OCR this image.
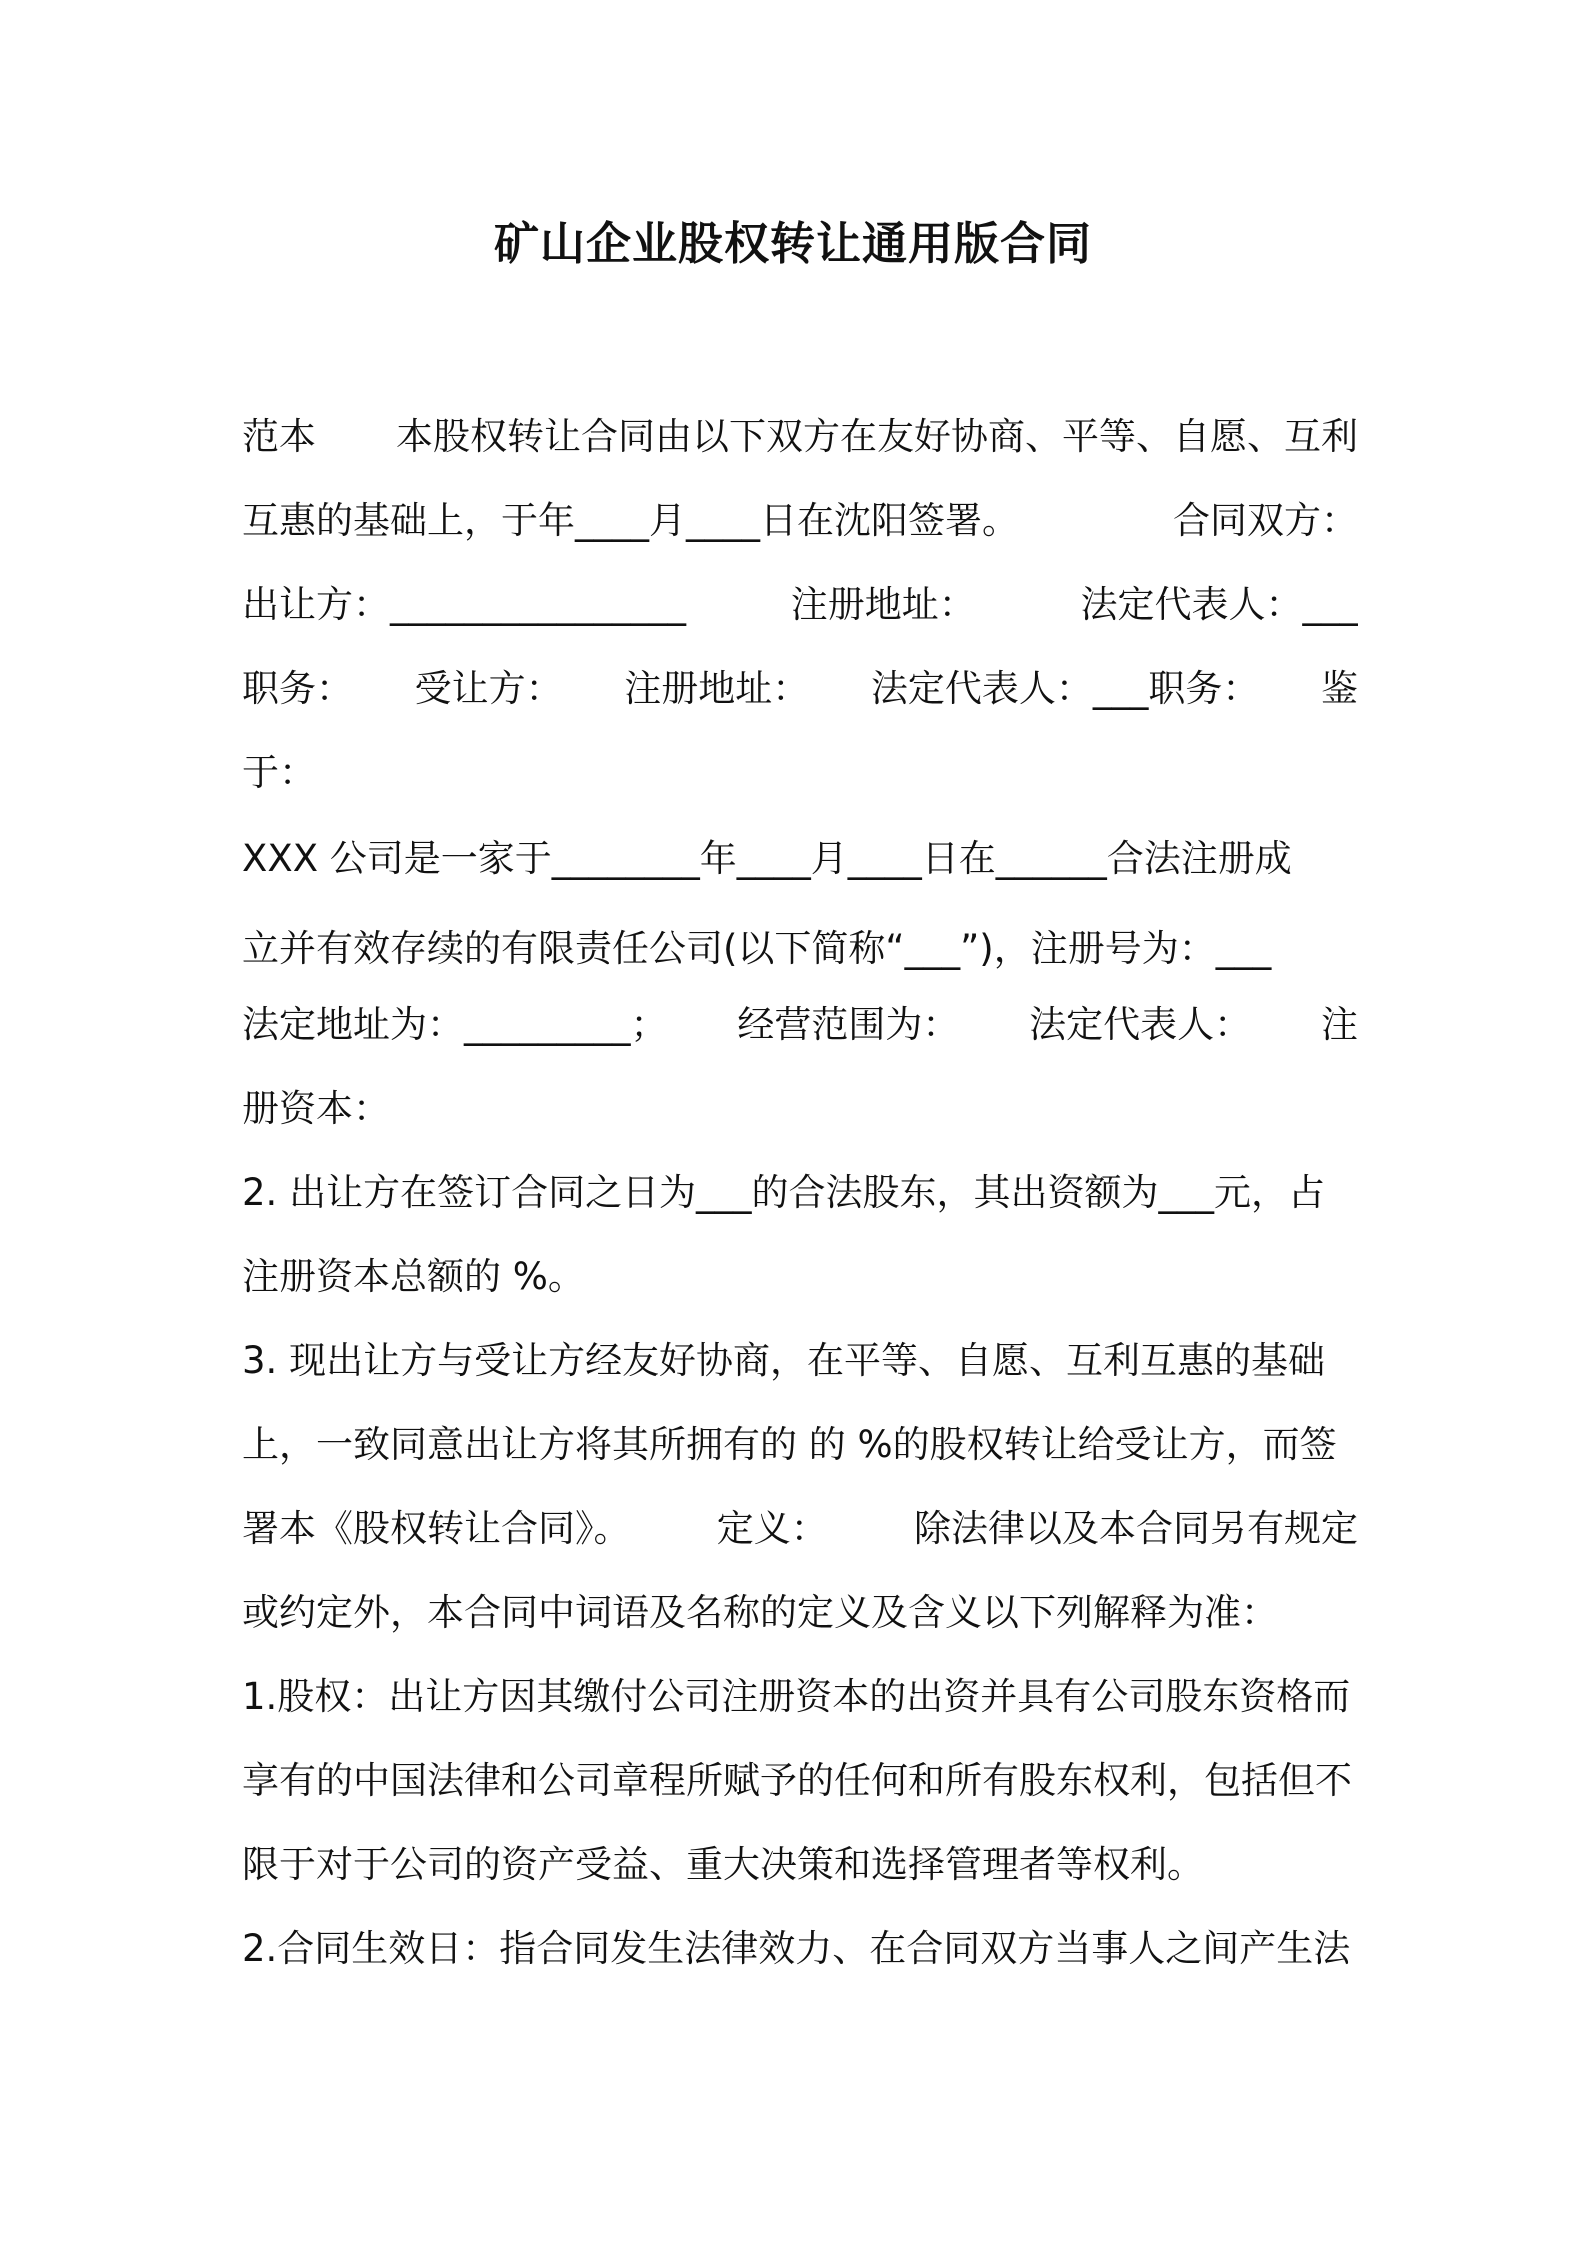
矿山企业股权转让通用版合同
范本 本股权转让合同由以下双方在友好协商、平等、自愿、互利
互惠的基础上，于年____月____日在沈阳签署。	合同双方：
出让方：________________	注册地址：	法定代表人：___
职务： 受让方： 注册地址： 法定代表人：___职务： 鉴
于：
XXX 公司是一家于________年____月____日在______合法注册成
立并有效存续的有限责任公司(以下简称“___”)，注册号为：___
法定地址为：_________； 经营范围为： 法定代表人： 注
册资本：
2. 出让方在签订合同之日为___的合法股东，其出资额为___元，占
注册资本总额的 %。
3. 现出让方与受让方经友好协商，在平等、自愿、互利互惠的基础
上，一致同意出让方将其所拥有的 的 %的股权转让给受让方，而签
署本《股权转让合同》。 定义： 除法律以及本合同另有规定
或约定外，本合同中词语及名称的定义及含义以下列解释为准：
1.股权：出让方因其缴付公司注册资本的出资并具有公司股东资格而
享有的中国法律和公司章程所赋予的任何和所有股东权利，包括但不
限于对于公司的资产受益、重大决策和选择管理者等权利。
2.合同生效日：指合同发生法律效力、在合同双方当事人之间产生法
